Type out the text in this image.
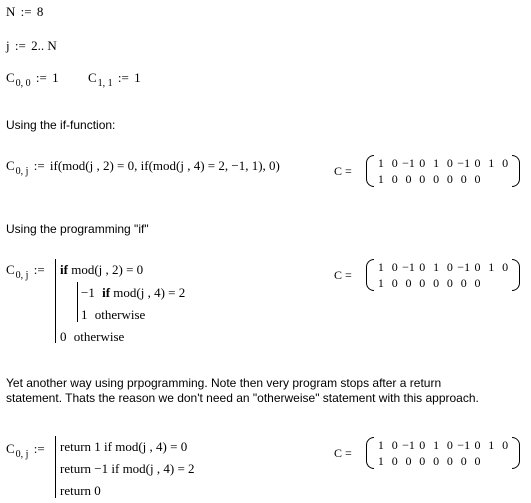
N := 8
j := 2.. N
$C_{0, 0}$ := 1 $C_{1, 1}$ := 1
Using the if-function:
$C_{0, j}$ := if(mod(j , 2) = 0, if(mod(j , 4) = 2, −1, 1), 0)	C =
1 0 −1 0 1 0 −1 0 1 0
1 0 0 0 0 0 0 0
Using the programming "if"
$C_{0, j}$ := if mod(j , 2) = 0
−1 if mod(j , 4) = 2
1 otherwise
0 otherwise
C =
1 0 −1 0 1 0 −1 0 1 0
1 0 0 0 0 0 0 0
Yet another way using prpogramming. Note then very program stops after a return
statement. Thats the reason we don't need an "otherweise" statement with this approach.
$C_{0, j}$ := return 1 if mod(j , 4) = 0
return −1 if mod(j , 4) = 2
return 0
C =
1 0 −1 0 1 0 −1 0 1 0
1 0 0 0 0 0 0 0
